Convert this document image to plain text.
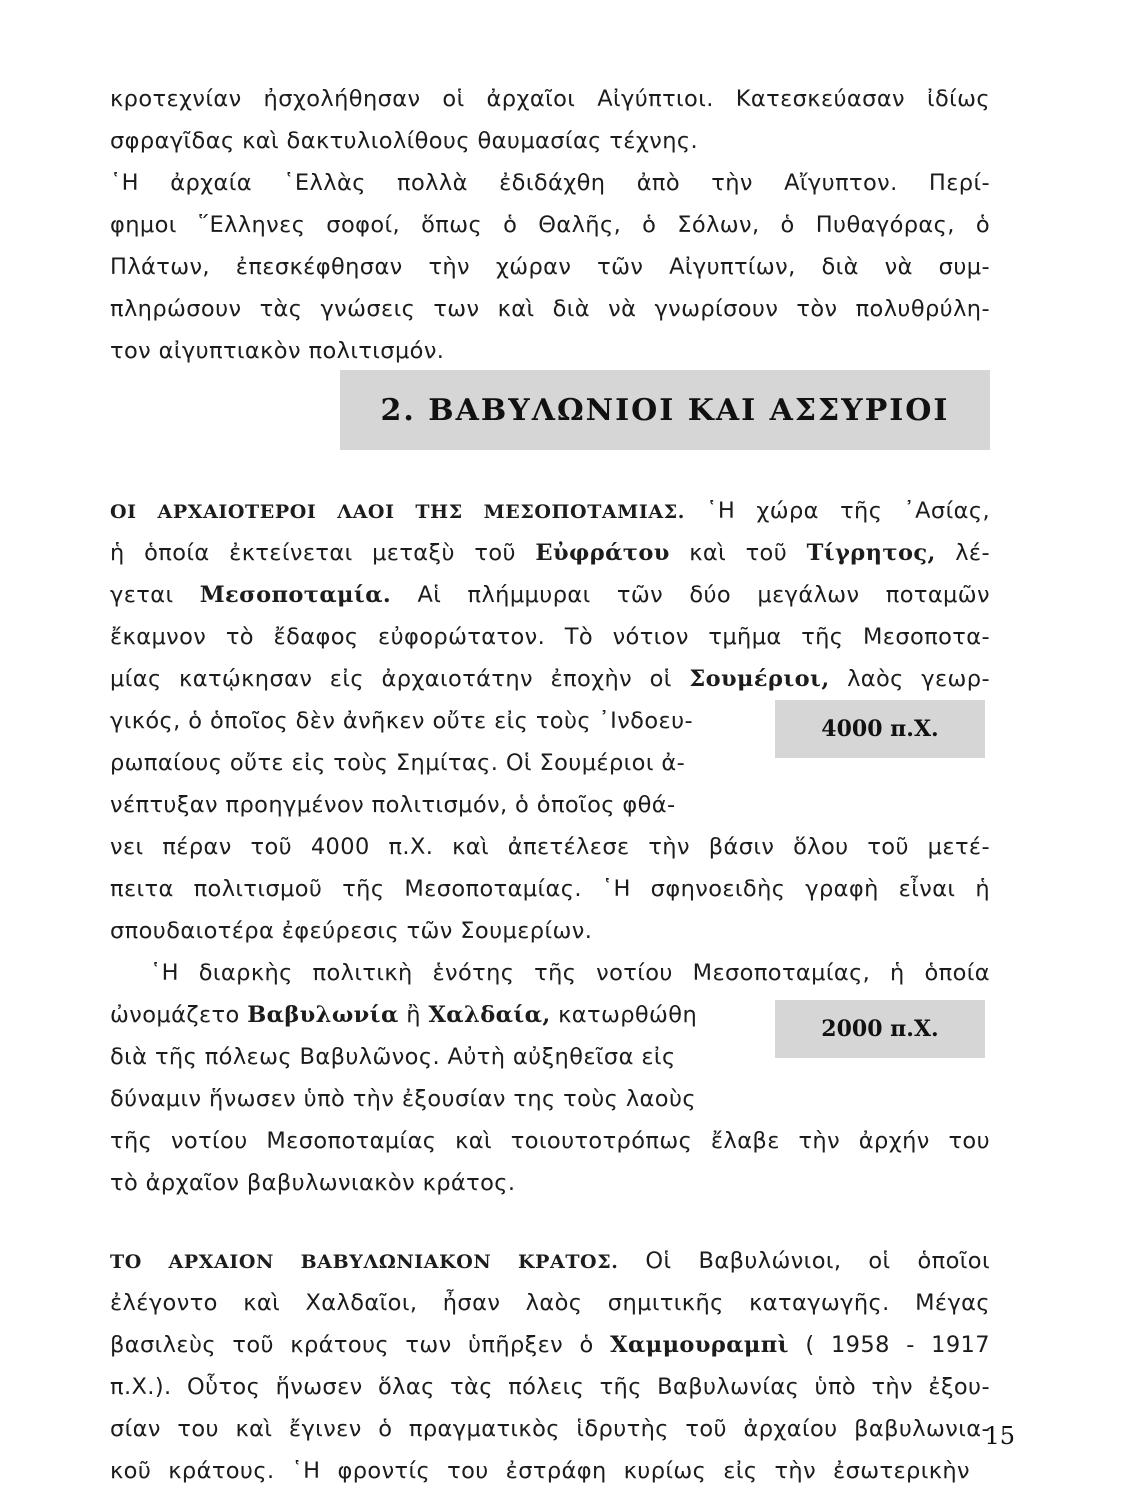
κροτεχνίαν ἠσχολήθησαν οἱ ἀρχαῖοι Αἰγύπτιοι. Κατεσκεύασαν ἰδίως
σφραγῖδας καὶ δακτυλιολίθους θαυμασίας τέχνης.
῾Η ἀρχαία ῾Ελλὰς πολλὰ ἐδιδάχθη ἀπὸ τὴν Αἴγυπτον. Περί-
φημοι ῞Ελληνες σοφοί, ὅπως ὁ Θαλῆς, ὁ Σόλων, ὁ Πυθαγόρας, ὁ
Πλάτων, ἐπεσκέφθησαν τὴν χώραν τῶν Αἰγυπτίων, διὰ νὰ συμ-
πληρώσουν τὰς γνώσεις των καὶ διὰ νὰ γνωρίσουν τὸν πολυθρύλη-
τον αἰγυπτιακὸν πολιτισμόν.
2. ΒΑΒΥΛΩΝΙΟΙ ΚΑΙ ΑΣΣΥΡΙΟΙ
ΟΙ ΑΡΧΑΙΟΤΕΡΟΙ ΛΑΟΙ ΤΗΣ ΜΕΣΟΠΟΤΑΜΙΑΣ. ῾Η χώρα τῆς ᾿Ασίας,
ἡ ὁποία ἐκτείνεται μεταξὺ τοῦ Εὐφράτου καὶ τοῦ Τίγρητος, λέ-
γεται Μεσοποταμία. Αἱ πλήμμυραι τῶν δύο μεγάλων ποταμῶν
ἔκαμνον τὸ ἔδαφος εὐφορώτατον. Τὸ νότιον τμῆμα τῆς Μεσοποτα-
μίας κατῴκησαν εἰς ἀρχαιοτάτην ἐποχὴν οἱ Σουμέριοι, λαὸς γεωρ-
γικός, ὁ ὁποῖος δὲν ἀνῆκεν οὔτε εἰς τοὺς ᾿Ινδοευ-
ρωπαίους οὔτε εἰς τοὺς Σημίτας. Οἱ Σουμέριοι ἀ-
νέπτυξαν προηγμένον πολιτισμόν, ὁ ὁποῖος φθά-
νει πέραν τοῦ 4000 π.Χ. καὶ ἀπετέλεσε τὴν βάσιν ὅλου τοῦ μετέ-
πειτα πολιτισμοῦ τῆς Μεσοποταμίας. ῾Η σφηνοειδὴς γραφὴ εἶναι ἡ
σπουδαιοτέρα ἐφεύρεσις τῶν Σουμερίων.
῾Η διαρκὴς πολιτικὴ ἑνότης τῆς νοτίου Μεσοποταμίας, ἡ ὁποία
ὠνομάζετο Βαβυλωνία ἢ Χαλδαία, κατωρθώθη
διὰ τῆς πόλεως Βαβυλῶνος. Αὐτὴ αὐξηθεῖσα εἰς
δύναμιν ἥνωσεν ὑπὸ τὴν ἐξουσίαν της τοὺς λαοὺς
τῆς νοτίου Μεσοποταμίας καὶ τοιουτοτρόπως ἔλαβε τὴν ἀρχήν του
τὸ ἀρχαῖον βαβυλωνιακὸν κράτος.
4000 π.Χ.
2000 π.Χ.
ΤΟ ΑΡΧΑΙΟΝ ΒΑΒΥΛΩΝΙΑΚΟΝ ΚΡΑΤΟΣ. Οἱ Βαβυλώνιοι, οἱ ὁποῖοι
ἐλέγοντο καὶ Χαλδαῖοι, ἦσαν λαὸς σημιτικῆς καταγωγῆς. Μέγας
βασιλεὺς τοῦ κράτους των ὑπῆρξεν ὁ Χαμμουραμπὶ ( 1958 - 1917
π.Χ.). Οὗτος ἥνωσεν ὅλας τὰς πόλεις τῆς Βαβυλωνίας ὑπὸ τὴν ἐξου-
σίαν του καὶ ἔγινεν ὁ πραγματικὸς ἱδρυτὴς τοῦ ἀρχαίου βαβυλωνια-
κοῦ κράτους. ῾Η φροντίς του ἐστράφη κυρίως εἰς τὴν ἐσωτερικὴν
15
